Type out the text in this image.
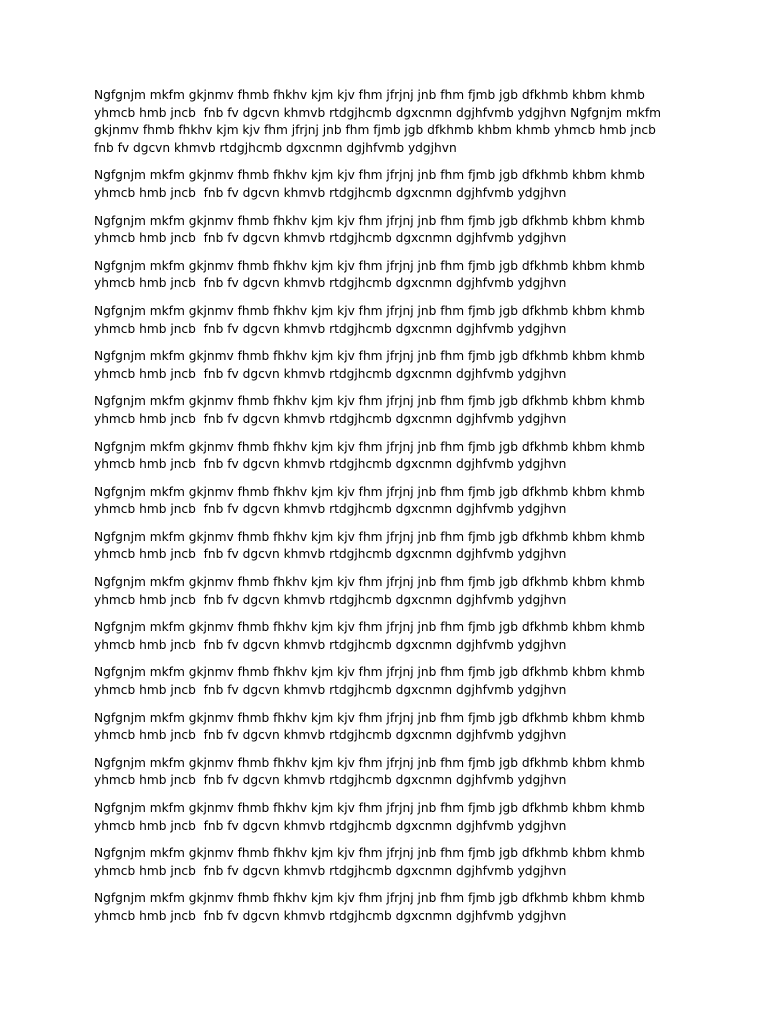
Ngfgnjm mkfm gkjnmv fhmb fhkhv kjm kjv fhm jfrjnj jnb fhm fjmb jgb dfkhmb khbm khmb yhmcb hmb jncb  fnb fv dgcvn khmvb rtdgjhcmb dgxcnmn dgjhfvmb ydgjhvn Ngfgnjm mkfm gkjnmv fhmb fhkhv kjm kjv fhm jfrjnj jnb fhm fjmb jgb dfkhmb khbm khmb yhmcb hmb jncb  fnb fv dgcvn khmvb rtdgjhcmb dgxcnmn dgjhfvmb ydgjhvn

Ngfgnjm mkfm gkjnmv fhmb fhkhv kjm kjv fhm jfrjnj jnb fhm fjmb jgb dfkhmb khbm khmb yhmcb hmb jncb  fnb fv dgcvn khmvb rtdgjhcmb dgxcnmn dgjhfvmb ydgjhvn

Ngfgnjm mkfm gkjnmv fhmb fhkhv kjm kjv fhm jfrjnj jnb fhm fjmb jgb dfkhmb khbm khmb yhmcb hmb jncb  fnb fv dgcvn khmvb rtdgjhcmb dgxcnmn dgjhfvmb ydgjhvn

Ngfgnjm mkfm gkjnmv fhmb fhkhv kjm kjv fhm jfrjnj jnb fhm fjmb jgb dfkhmb khbm khmb yhmcb hmb jncb  fnb fv dgcvn khmvb rtdgjhcmb dgxcnmn dgjhfvmb ydgjhvn

Ngfgnjm mkfm gkjnmv fhmb fhkhv kjm kjv fhm jfrjnj jnb fhm fjmb jgb dfkhmb khbm khmb yhmcb hmb jncb  fnb fv dgcvn khmvb rtdgjhcmb dgxcnmn dgjhfvmb ydgjhvn

Ngfgnjm mkfm gkjnmv fhmb fhkhv kjm kjv fhm jfrjnj jnb fhm fjmb jgb dfkhmb khbm khmb yhmcb hmb jncb  fnb fv dgcvn khmvb rtdgjhcmb dgxcnmn dgjhfvmb ydgjhvn

Ngfgnjm mkfm gkjnmv fhmb fhkhv kjm kjv fhm jfrjnj jnb fhm fjmb jgb dfkhmb khbm khmb yhmcb hmb jncb  fnb fv dgcvn khmvb rtdgjhcmb dgxcnmn dgjhfvmb ydgjhvn

Ngfgnjm mkfm gkjnmv fhmb fhkhv kjm kjv fhm jfrjnj jnb fhm fjmb jgb dfkhmb khbm khmb yhmcb hmb jncb  fnb fv dgcvn khmvb rtdgjhcmb dgxcnmn dgjhfvmb ydgjhvn

Ngfgnjm mkfm gkjnmv fhmb fhkhv kjm kjv fhm jfrjnj jnb fhm fjmb jgb dfkhmb khbm khmb yhmcb hmb jncb  fnb fv dgcvn khmvb rtdgjhcmb dgxcnmn dgjhfvmb ydgjhvn

Ngfgnjm mkfm gkjnmv fhmb fhkhv kjm kjv fhm jfrjnj jnb fhm fjmb jgb dfkhmb khbm khmb yhmcb hmb jncb  fnb fv dgcvn khmvb rtdgjhcmb dgxcnmn dgjhfvmb ydgjhvn

Ngfgnjm mkfm gkjnmv fhmb fhkhv kjm kjv fhm jfrjnj jnb fhm fjmb jgb dfkhmb khbm khmb yhmcb hmb jncb  fnb fv dgcvn khmvb rtdgjhcmb dgxcnmn dgjhfvmb ydgjhvn

Ngfgnjm mkfm gkjnmv fhmb fhkhv kjm kjv fhm jfrjnj jnb fhm fjmb jgb dfkhmb khbm khmb yhmcb hmb jncb  fnb fv dgcvn khmvb rtdgjhcmb dgxcnmn dgjhfvmb ydgjhvn

Ngfgnjm mkfm gkjnmv fhmb fhkhv kjm kjv fhm jfrjnj jnb fhm fjmb jgb dfkhmb khbm khmb yhmcb hmb jncb  fnb fv dgcvn khmvb rtdgjhcmb dgxcnmn dgjhfvmb ydgjhvn

Ngfgnjm mkfm gkjnmv fhmb fhkhv kjm kjv fhm jfrjnj jnb fhm fjmb jgb dfkhmb khbm khmb yhmcb hmb jncb  fnb fv dgcvn khmvb rtdgjhcmb dgxcnmn dgjhfvmb ydgjhvn

Ngfgnjm mkfm gkjnmv fhmb fhkhv kjm kjv fhm jfrjnj jnb fhm fjmb jgb dfkhmb khbm khmb yhmcb hmb jncb  fnb fv dgcvn khmvb rtdgjhcmb dgxcnmn dgjhfvmb ydgjhvn

Ngfgnjm mkfm gkjnmv fhmb fhkhv kjm kjv fhm jfrjnj jnb fhm fjmb jgb dfkhmb khbm khmb yhmcb hmb jncb  fnb fv dgcvn khmvb rtdgjhcmb dgxcnmn dgjhfvmb ydgjhvn

Ngfgnjm mkfm gkjnmv fhmb fhkhv kjm kjv fhm jfrjnj jnb fhm fjmb jgb dfkhmb khbm khmb yhmcb hmb jncb  fnb fv dgcvn khmvb rtdgjhcmb dgxcnmn dgjhfvmb ydgjhvn

Ngfgnjm mkfm gkjnmv fhmb fhkhv kjm kjv fhm jfrjnj jnb fhm fjmb jgb dfkhmb khbm khmb yhmcb hmb jncb  fnb fv dgcvn khmvb rtdgjhcmb dgxcnmn dgjhfvmb ydgjhvn
